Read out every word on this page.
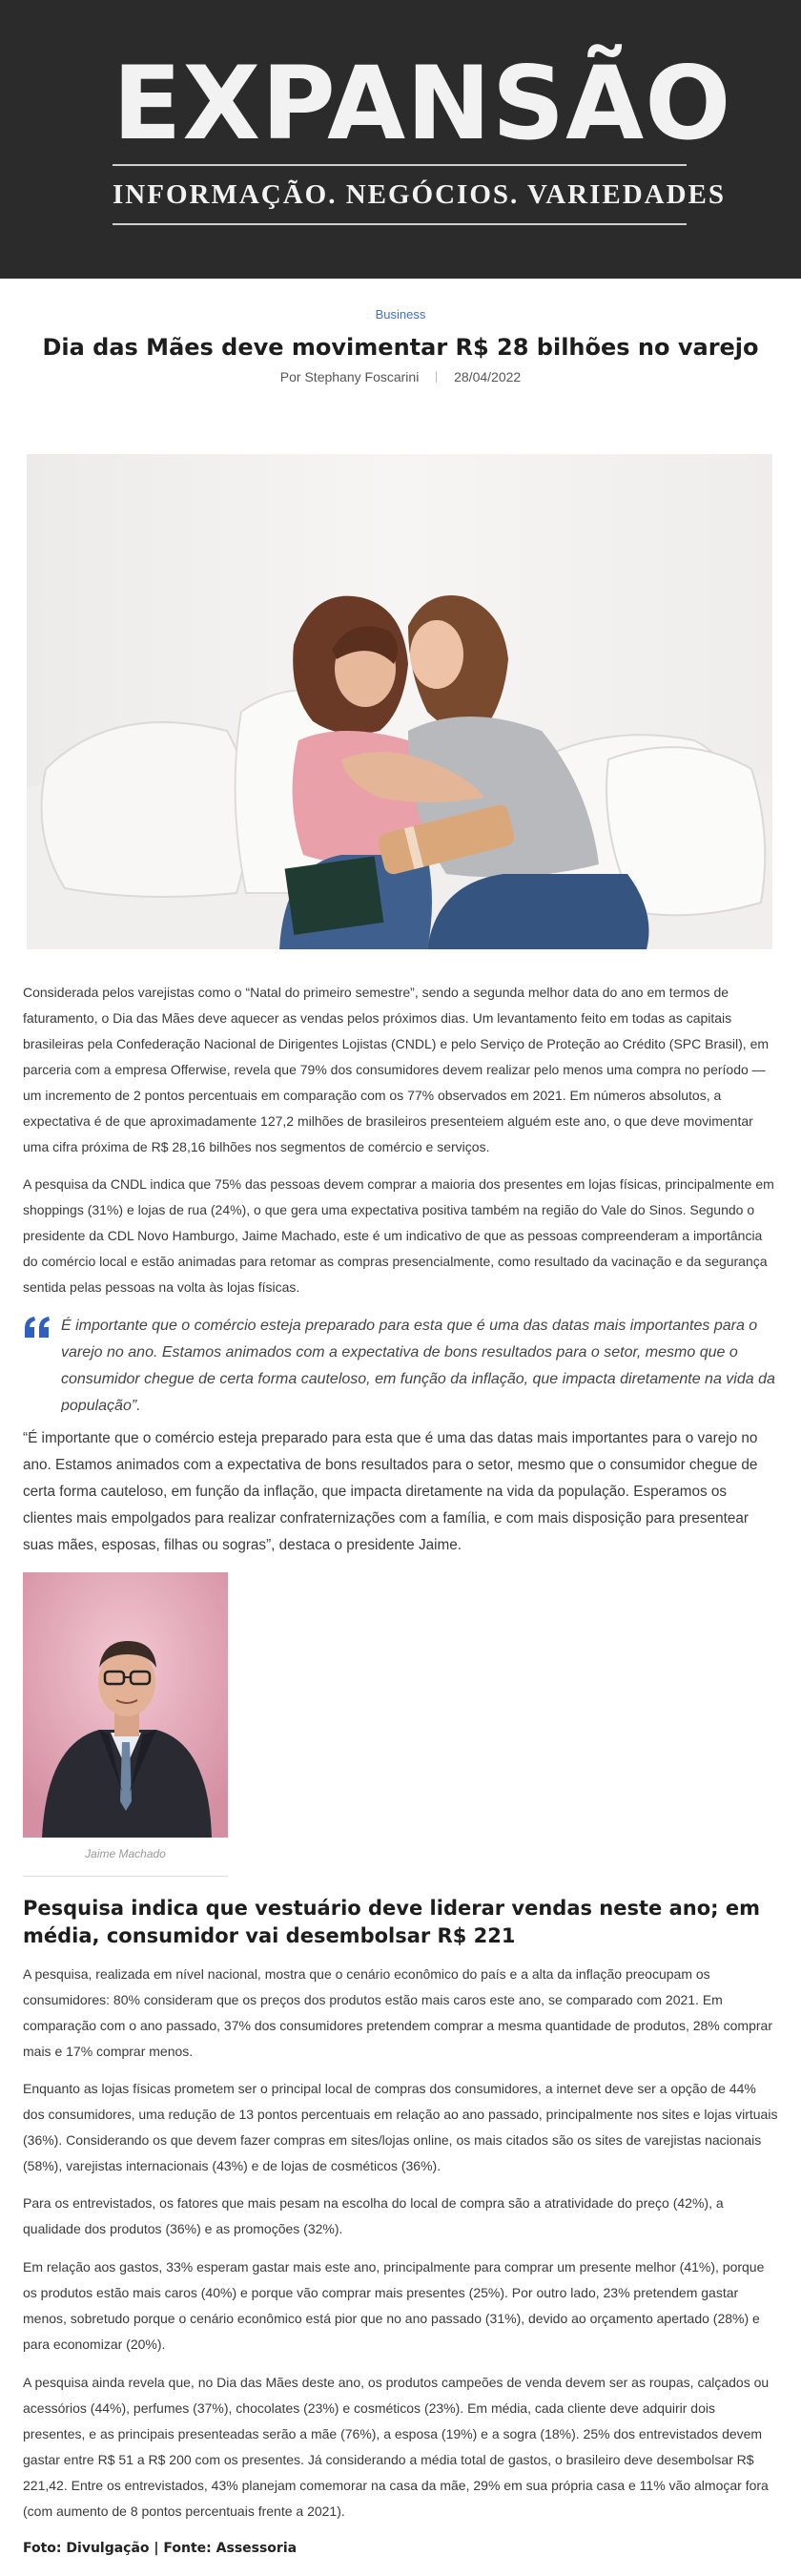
EXPANSÃO
INFORMAÇÃO. NEGÓCIOS. VARIEDADES
Business
Dia das Mães deve movimentar R$ 28 bilhões no varejo
Por Stephany Foscarini	28/04/2022

Considerada pelos varejistas como o “Natal do primeiro semestre”, sendo a segunda melhor data do ano em termos de faturamento, o Dia das Mães deve aquecer as vendas pelos próximos dias. Um levantamento feito em todas as capitais brasileiras pela Confederação Nacional de Dirigentes Lojistas (CNDL) e pelo Serviço de Proteção ao Crédito (SPC Brasil), em parceria com a empresa Offerwise, revela que 79% dos consumidores devem realizar pelo menos uma compra no período — um incremento de 2 pontos percentuais em comparação com os 77% observados em 2021. Em números absolutos, a expectativa é de que aproximadamente 127,2 milhões de brasileiros presenteiem alguém este ano, o que deve movimentar uma cifra próxima de R$ 28,16 bilhões nos segmentos de comércio e serviços.

A pesquisa da CNDL indica que 75% das pessoas devem comprar a maioria dos presentes em lojas físicas, principalmente em shoppings (31%) e lojas de rua (24%), o que gera uma expectativa positiva também na região do Vale do Sinos. Segundo o presidente da CDL Novo Hamburgo, Jaime Machado, este é um indicativo de que as pessoas compreenderam a importância do comércio local e estão animadas para retomar as compras presencialmente, como resultado da vacinação e da segurança sentida pelas pessoas na volta às lojas físicas.

É importante que o comércio esteja preparado para esta que é uma das datas mais importantes para o varejo no ano. Estamos animados com a expectativa de bons resultados para o setor, mesmo que o consumidor chegue de certa forma cauteloso, em função da inflação, que impacta diretamente na vida da população”.

“É importante que o comércio esteja preparado para esta que é uma das datas mais importantes para o varejo no ano. Estamos animados com a expectativa de bons resultados para o setor, mesmo que o consumidor chegue de certa forma cauteloso, em função da inflação, que impacta diretamente na vida da população. Esperamos os clientes mais empolgados para realizar confraternizações com a família, e com mais disposição para presentear suas mães, esposas, filhas ou sogras”, destaca o presidente Jaime.

Jaime Machado
Pesquisa indica que vestuário deve liderar vendas neste ano; em média, consumidor vai desembolsar R$ 221

A pesquisa, realizada em nível nacional, mostra que o cenário econômico do país e a alta da inflação preocupam os consumidores: 80% consideram que os preços dos produtos estão mais caros este ano, se comparado com 2021. Em comparação com o ano passado, 37% dos consumidores pretendem comprar a mesma quantidade de produtos, 28% comprar mais e 17% comprar menos.

Enquanto as lojas físicas prometem ser o principal local de compras dos consumidores, a internet deve ser a opção de 44% dos consumidores, uma redução de 13 pontos percentuais em relação ao ano passado, principalmente nos sites e lojas virtuais (36%). Considerando os que devem fazer compras em sites/lojas online, os mais citados são os sites de varejistas nacionais (58%), varejistas internacionais (43%) e de lojas de cosméticos (36%).

Para os entrevistados, os fatores que mais pesam na escolha do local de compra são a atratividade do preço (42%), a qualidade dos produtos (36%) e as promoções (32%).

Em relação aos gastos, 33% esperam gastar mais este ano, principalmente para comprar um presente melhor (41%), porque os produtos estão mais caros (40%) e porque vão comprar mais presentes (25%). Por outro lado, 23% pretendem gastar menos, sobretudo porque o cenário econômico está pior que no ano passado (31%), devido ao orçamento apertado (28%) e para economizar (20%).

A pesquisa ainda revela que, no Dia das Mães deste ano, os produtos campeões de venda devem ser as roupas, calçados ou acessórios (44%), perfumes (37%), chocolates (23%) e cosméticos (23%). Em média, cada cliente deve adquirir dois presentes, e as principais presenteadas serão a mãe (76%), a esposa (19%) e a sogra (18%). 25% dos entrevistados devem gastar entre R$ 51 a R$ 200 com os presentes. Já considerando a média total de gastos, o brasileiro deve desembolsar R$ 221,42. Entre os entrevistados, 43% planejam comemorar na casa da mãe, 29% em sua própria casa e 11% vão almoçar fora (com aumento de 8 pontos percentuais frente a 2021).

Foto: Divulgação | Fonte: Assessoria
